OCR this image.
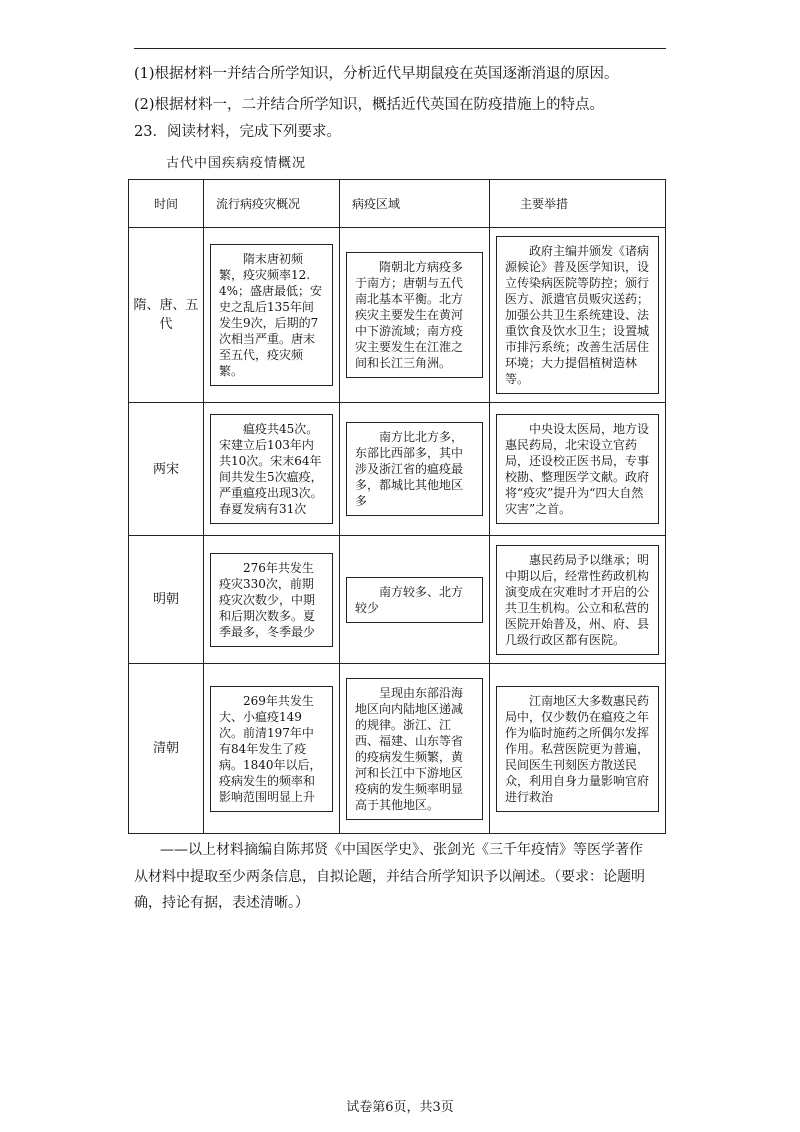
(1)根据材料一并结合所学知识，分析近代早期鼠疫在英国逐渐消退的原因。
(2)根据材料一，二并结合所学知识，概括近代英国在防疫措施上的特点。
23．阅读材料，完成下列要求。
古代中国疾病疫情概况
时间	流行病疫灾概况	病疫区域	主要举措
隋、唐、五代	隋末唐初频繁，疫灾频率12.4%；盛唐最低；安史之乱后135年间发生9次，后期的7次相当严重。唐末至五代，疫灾频繁。	隋朝北方病疫多于南方；唐朝与五代南北基本平衡。北方疾灾主要发生在黄河中下游流域；南方疫灾主要发生在江淮之间和长江三角洲。	政府主编并颁发《诸病源候论》普及医学知识，设立传染病医院等防控；颁行医方、派遣官员贩灾送药；加强公共卫生系统建设、法重饮食及饮水卫生；设置城市排污系统；改善生活居住环境；大力提倡植树造林等。

两宋	瘟疫共45次。宋建立后103年内共10次。宋末64年间共发生5次瘟疫，严重瘟疫出现3次。春夏发病有31次	南方比北方多，东部比西部多，其中涉及浙江省的瘟疫最多，都城比其他地区多	中央设太医局，地方设惠民药局，北宋设立官药局，还设校正医书局，专事校勘、整理医学文献。政府将“疫灾”提升为“四大自然灾害”之首。

明朝	276年共发生疫灾330次，前期疫灾次数少，中期和后期次数多。夏季最多，冬季最少	南方较多、北方较少	惠民药局予以继承；明中期以后，经常性药政机构演变成在灾难时才开启的公共卫生机构。公立和私营的医院开始普及，州、府、县几级行政区都有医院。

清朝	269年共发生大、小瘟疫149次。前清197年中有84年发生了疫病。1840年以后，疫病发生的频率和影响范围明显上升	呈现由东部沿海地区向内陆地区递减的规律。浙江、江西、福建、山东等省的疫病发生频繁，黄河和长江中下游地区疫病的发生频率明显高于其他地区。	江南地区大多数惠民药局中，仅少数仍在瘟疫之年作为临时施药之所偶尔发挥作用。私营医院更为普遍，民间医生刊刻医方散送民众，利用自身力量影响官府进行救治
——以上材料摘编自陈邦贤《中国医学史》、张剑光《三千年疫情》等医学著作
从材料中提取至少两条信息，自拟论题，并结合所学知识予以阐述。（要求：论题明确，持论有据，表述清晰。）
试卷第6页，共3页
